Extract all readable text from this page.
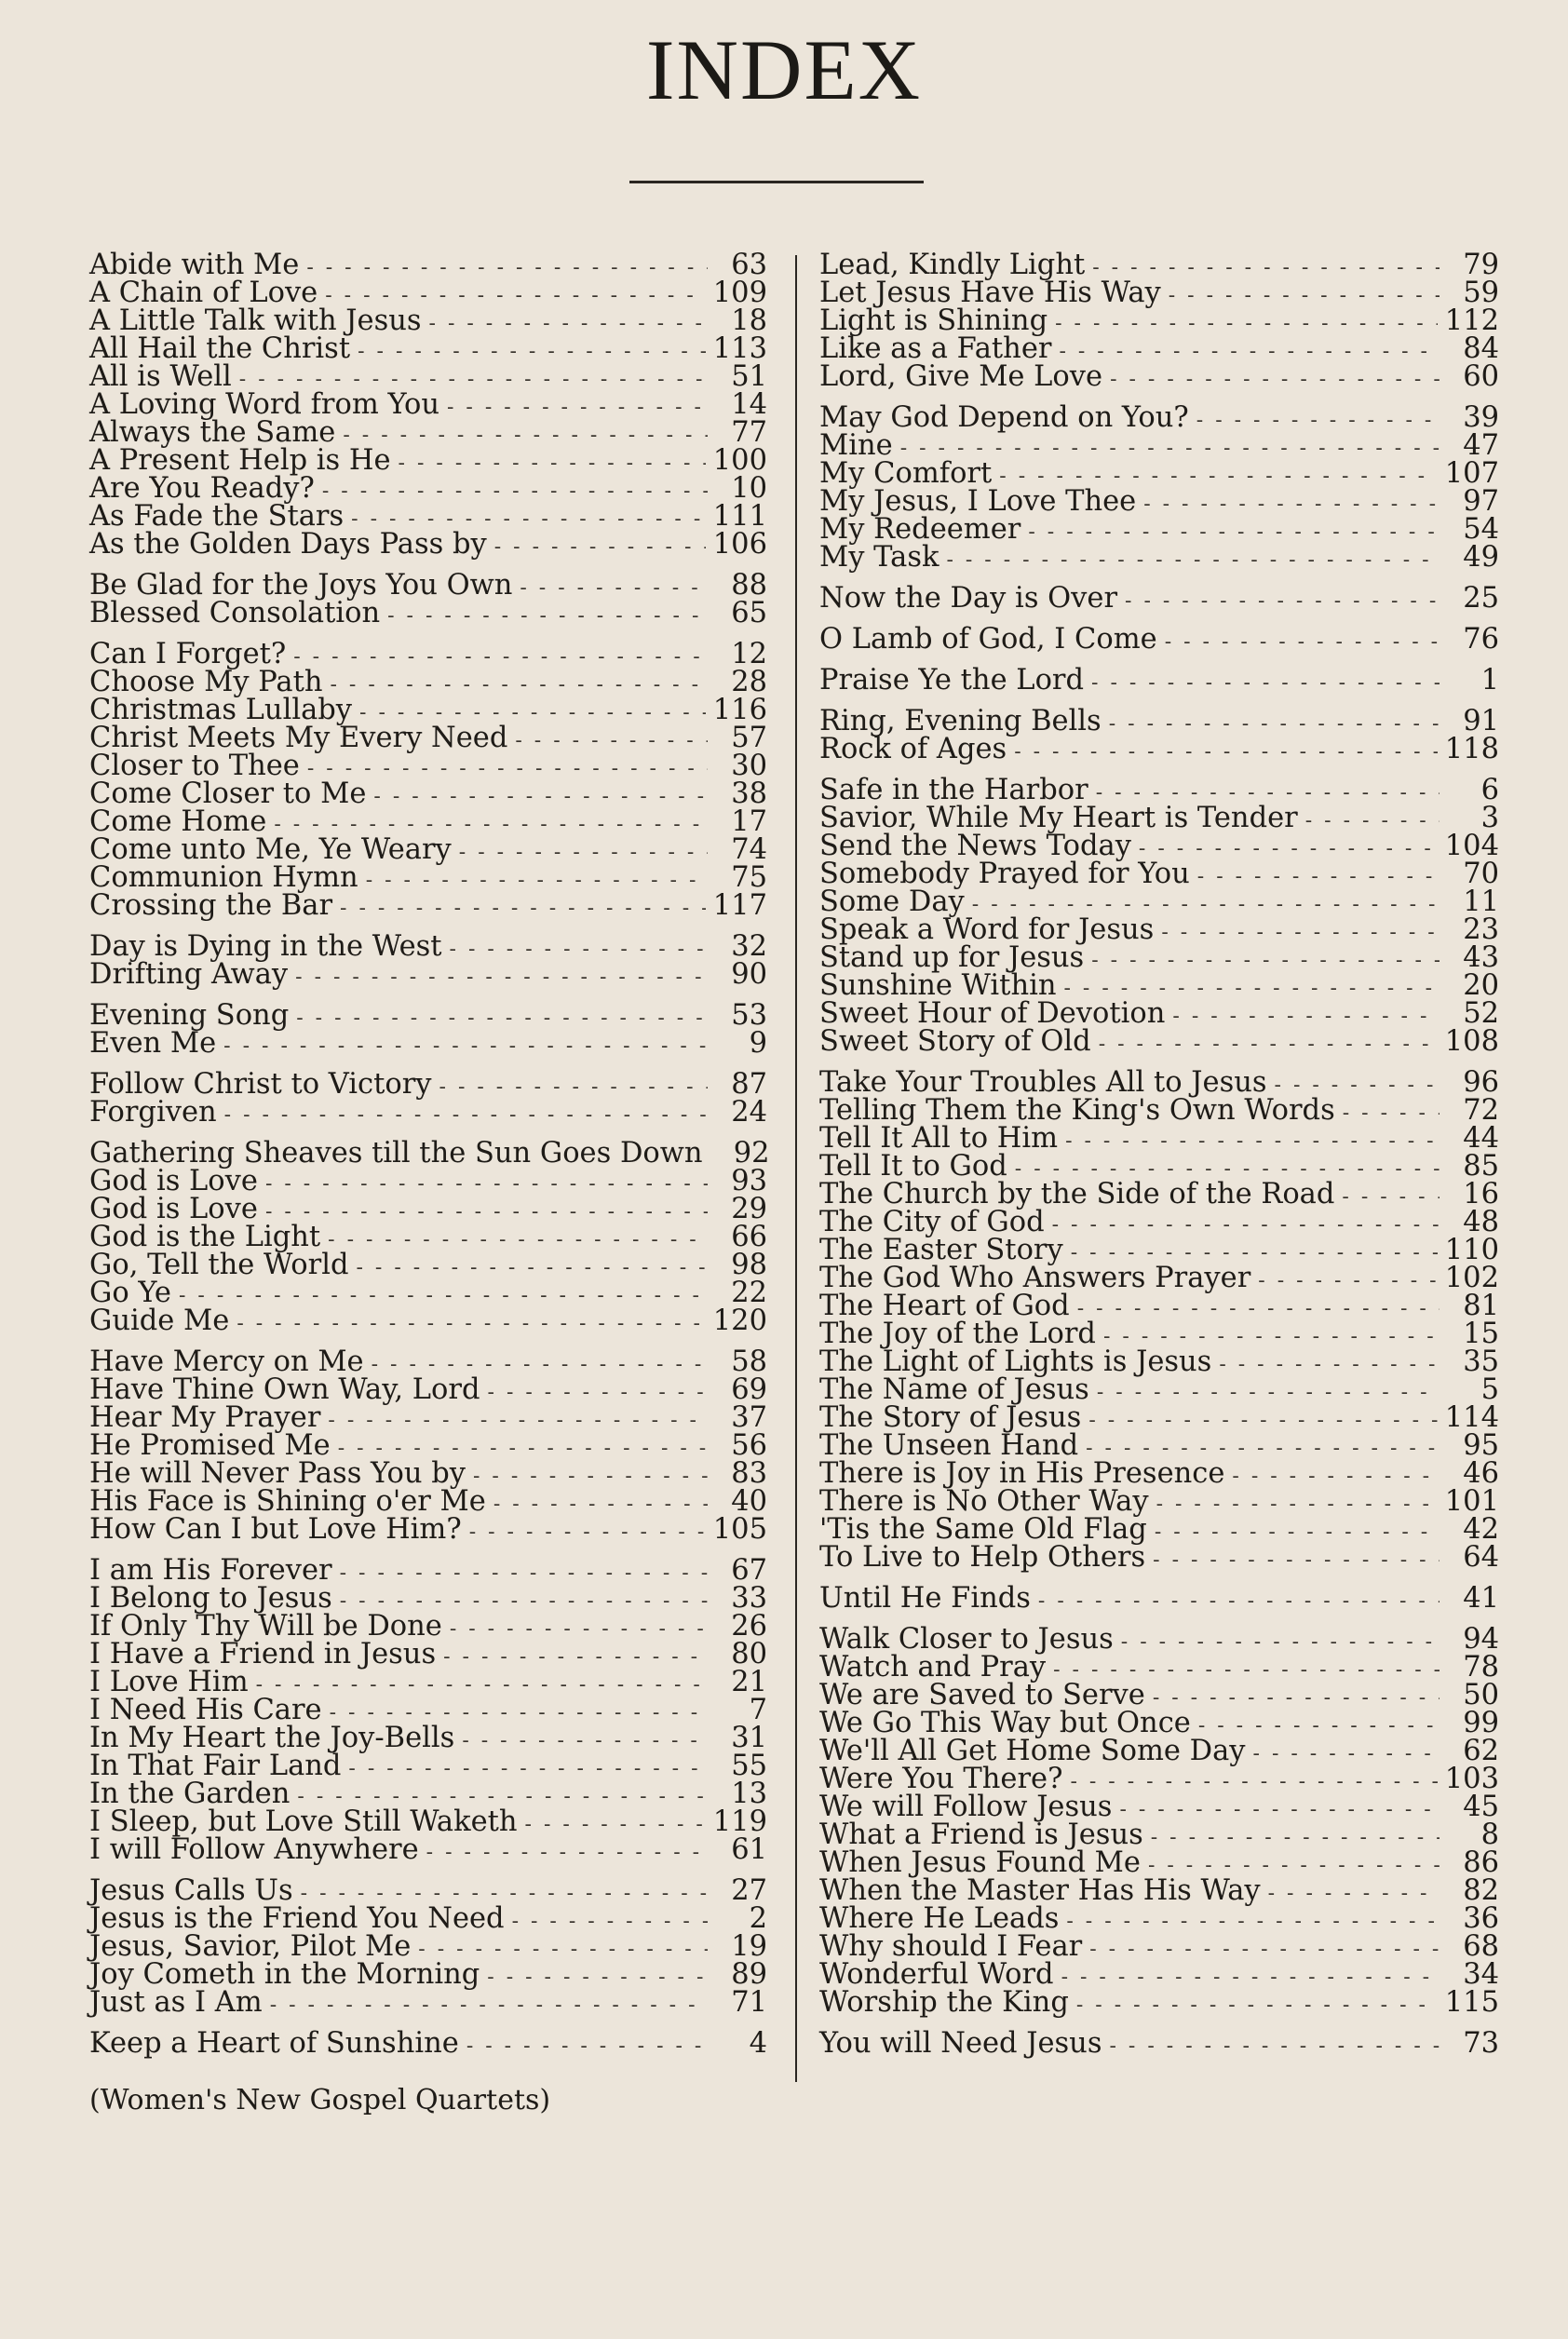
INDEX
Abide with Me - - -	63
A Chain of Love - - -	109
A Little Talk with Jesus - - -	18
All Hail the Christ - - -	113
All is Well - - -	51
A Loving Word from You - - -	14
Always the Same - - -	77
A Present Help is He - - -	100
Are You Ready? - - -	10
As Fade the Stars - - -	111
As the Golden Days Pass by - - -	106
Be Glad for the Joys You Own - - -	88
Blessed Consolation - - -	65
Can I Forget? - - -	12
Choose My Path - - -	28
Christmas Lullaby - - -	116
Christ Meets My Every Need - - -	57
Closer to Thee - - -	30
Come Closer to Me - - -	38
Come Home - - -	17
Come unto Me, Ye Weary - - -	74
Communion Hymn - - -	75
Crossing the Bar - - -	117
Day is Dying in the West - - -	32
Drifting Away - - -	90
Evening Song - - -	53
Even Me - - -	9
Follow Christ to Victory - - -	87
Forgiven - - -	24
Gathering Sheaves till the Sun Goes Down	92
God is Love - - -	93
God is Love - - -	29
God is the Light - - -	66
Go, Tell the World - - -	98
Go Ye - - -	22
Guide Me - - -	120
Have Mercy on Me - - -	58
Have Thine Own Way, Lord - - -	69
Hear My Prayer - - -	37
He Promised Me - - -	56
He will Never Pass You by - - -	83
His Face is Shining o'er Me - - -	40
How Can I but Love Him? - - -	105
I am His Forever - - -	67
I Belong to Jesus - - -	33
If Only Thy Will be Done - - -	26
I Have a Friend in Jesus - - -	80
I Love Him - - -	21
I Need His Care - - -	7
In My Heart the Joy-Bells - - -	31
In That Fair Land - - -	55
In the Garden - - -	13
I Sleep, but Love Still Waketh - - -	119
I will Follow Anywhere - - -	61
Jesus Calls Us - - -	27
Jesus is the Friend You Need - - -	2
Jesus, Savior, Pilot Me - - -	19
Joy Cometh in the Morning - - -	89
Just as I Am - - -	71
Keep a Heart of Sunshine - - -	4
Lead, Kindly Light - - -	79
Let Jesus Have His Way - - -	59
Light is Shining - - -	112
Like as a Father - - -	84
Lord, Give Me Love - - -	60
May God Depend on You? - - -	39
Mine - - -	47
My Comfort - - -	107
My Jesus, I Love Thee - - -	97
My Redeemer - - -	54
My Task - - -	49
Now the Day is Over - - -	25
O Lamb of God, I Come - - -	76
Praise Ye the Lord - - -	1
Ring, Evening Bells - - -	91
Rock of Ages - - -	118
Safe in the Harbor - - -	6
Savior, While My Heart is Tender - - -	3
Send the News Today - - -	104
Somebody Prayed for You - - -	70
Some Day - - -	11
Speak a Word for Jesus - - -	23
Stand up for Jesus - - -	43
Sunshine Within - - -	20
Sweet Hour of Devotion - - -	52
Sweet Story of Old - - -	108
Take Your Troubles All to Jesus - - -	96
Telling Them the King's Own Words - - -	72
Tell It All to Him - - -	44
Tell It to God - - -	85
The Church by the Side of the Road - - -	16
The City of God - - -	48
The Easter Story - - -	110
The God Who Answers Prayer - - -	102
The Heart of God - - -	81
The Joy of the Lord - - -	15
The Light of Lights is Jesus - - -	35
The Name of Jesus - - -	5
The Story of Jesus - - -	114
The Unseen Hand - - -	95
There is Joy in His Presence - - -	46
There is No Other Way - - -	101
'Tis the Same Old Flag - - -	42
To Live to Help Others - - -	64
Until He Finds - - -	41
Walk Closer to Jesus - - -	94
Watch and Pray - - -	78
We are Saved to Serve - - -	50
We Go This Way but Once - - -	99
We'll All Get Home Some Day - - -	62
Were You There? - - -	103
We will Follow Jesus - - -	45
What a Friend is Jesus - - -	8
When Jesus Found Me - - -	86
When the Master Has His Way - - -	82
Where He Leads - - -	36
Why should I Fear - - -	68
Wonderful Word - - -	34
Worship the King - - -	115
You will Need Jesus - - -	73
(Women's New Gospel Quartets)
